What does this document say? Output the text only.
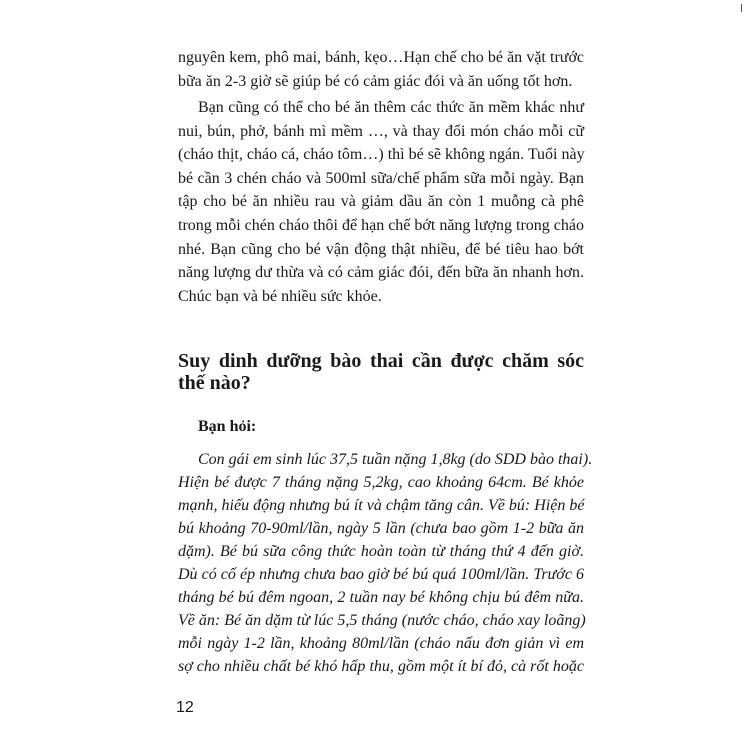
nguyên kem, phô mai, bánh, kẹo…Hạn chế cho bé ăn vặt trước
bữa ăn 2-3 giờ sẽ giúp bé có cảm giác đói và ăn uống tốt hơn.
Bạn cũng có thể cho bé ăn thêm các thức ăn mềm khác như
nui, bún, phở, bánh mì mềm …, và thay đổi món cháo mỗi cữ
(cháo thịt, cháo cá, cháo tôm…) thì bé sẽ không ngán. Tuổi này
bé cần 3 chén cháo và 500ml sữa/chế phẩm sữa mỗi ngày. Bạn
tập cho bé ăn nhiều rau và giảm dầu ăn còn 1 muỗng cà phê
trong mỗi chén cháo thôi để hạn chế bớt năng lượng trong cháo
nhé. Bạn cũng cho bé vận động thật nhiều, để bé tiêu hao bớt
năng lượng dư thừa và có cảm giác đói, đến bữa ăn nhanh hơn.
Chúc bạn và bé nhiều sức khỏe.
Suy dinh dưỡng bào thai cần được chăm sóc
thế nào?
Bạn hỏi:
Con gái em sinh lúc 37,5 tuần nặng 1,8kg (do SDD bào thai).
Hiện bé được 7 tháng nặng 5,2kg, cao khoảng 64cm. Bé khỏe
mạnh, hiếu động nhưng bú ít và chậm tăng cân. Về bú: Hiện bé
bú khoảng 70-90ml/lần, ngày 5 lần (chưa bao gồm 1-2 bữa ăn
dặm). Bé bú sữa công thức hoàn toàn từ tháng thứ 4 đến giờ.
Dù có cố ép nhưng chưa bao giờ bé bú quá 100ml/lần. Trước 6
tháng bé bú đêm ngoan, 2 tuần nay bé không chịu bú đêm nữa.
Về ăn: Bé ăn dặm từ lúc 5,5 tháng (nước cháo, cháo xay loãng)
mỗi ngày 1-2 lần, khoảng 80ml/lần (cháo nấu đơn giản vì em
sợ cho nhiều chất bé khó hấp thu, gồm một ít bí đỏ, cà rốt hoặc
12
